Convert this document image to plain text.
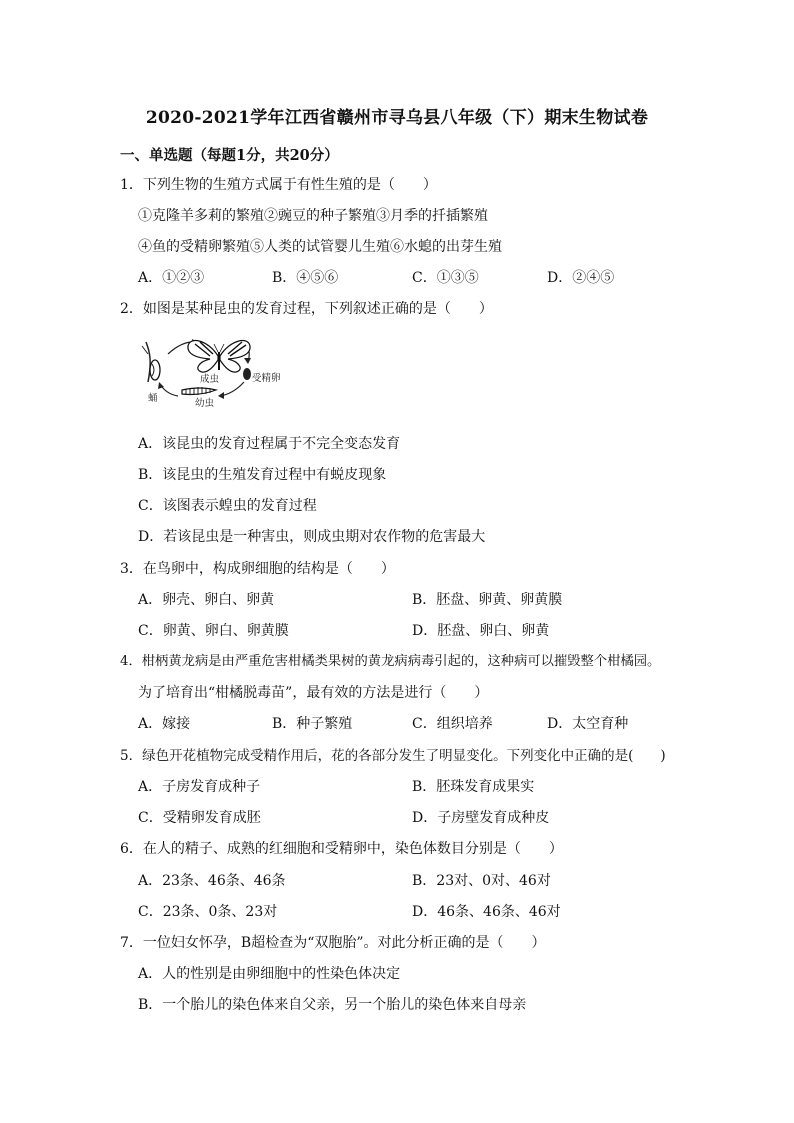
2020-2021学年江西省赣州市寻乌县八年级（下）期末生物试卷
一、单选题（每题1分，共20分）
1．下列生物的生殖方式属于有性生殖的是（　　）
①克隆羊多莉的繁殖②豌豆的种子繁殖③月季的扦插繁殖
④鱼的受精卵繁殖⑤人类的试管婴儿生殖⑥水螅的出芽生殖
A．①②③	B．④⑤⑥	C．①③⑤	D．②④⑤
2．如图是某种昆虫的发育过程，下列叙述正确的是（　　）
成虫	受精卵
蛹	幼虫
A．该昆虫的发育过程属于不完全变态发育
B．该昆虫的生殖发育过程中有蜕皮现象
C．该图表示蝗虫的发育过程
D．若该昆虫是一种害虫，则成虫期对农作物的危害最大
3．在鸟卵中，构成卵细胞的结构是（　　）
A．卵壳、卵白、卵黄	B．胚盘、卵黄、卵黄膜
C．卵黄、卵白、卵黄膜	D．胚盘、卵白、卵黄
4．柑柄黄龙病是由严重危害柑橘类果树的黄龙病病毒引起的，这种病可以摧毁整个柑橘园。
为了培育出“柑橘脱毒苗”，最有效的方法是进行（　　）
A．嫁接	B．种子繁殖	C．组织培养	D．太空育种
5．绿色开花植物完成受精作用后，花的各部分发生了明显变化。下列变化中正确的是(　　)
A．子房发育成种子	B．胚珠发育成果实
C．受精卵发育成胚	D．子房壁发育成种皮
6．在人的精子、成熟的红细胞和受精卵中，染色体数目分别是（　　）
A．23条、46条、46条	B．23对、0对、46对
C．23条、0条、23对	D．46条、46条、46对
7．一位妇女怀孕，B超检查为“双胞胎”。对此分析正确的是（　　）
A．人的性别是由卵细胞中的性染色体决定
B．一个胎儿的染色体来自父亲，另一个胎儿的染色体来自母亲
